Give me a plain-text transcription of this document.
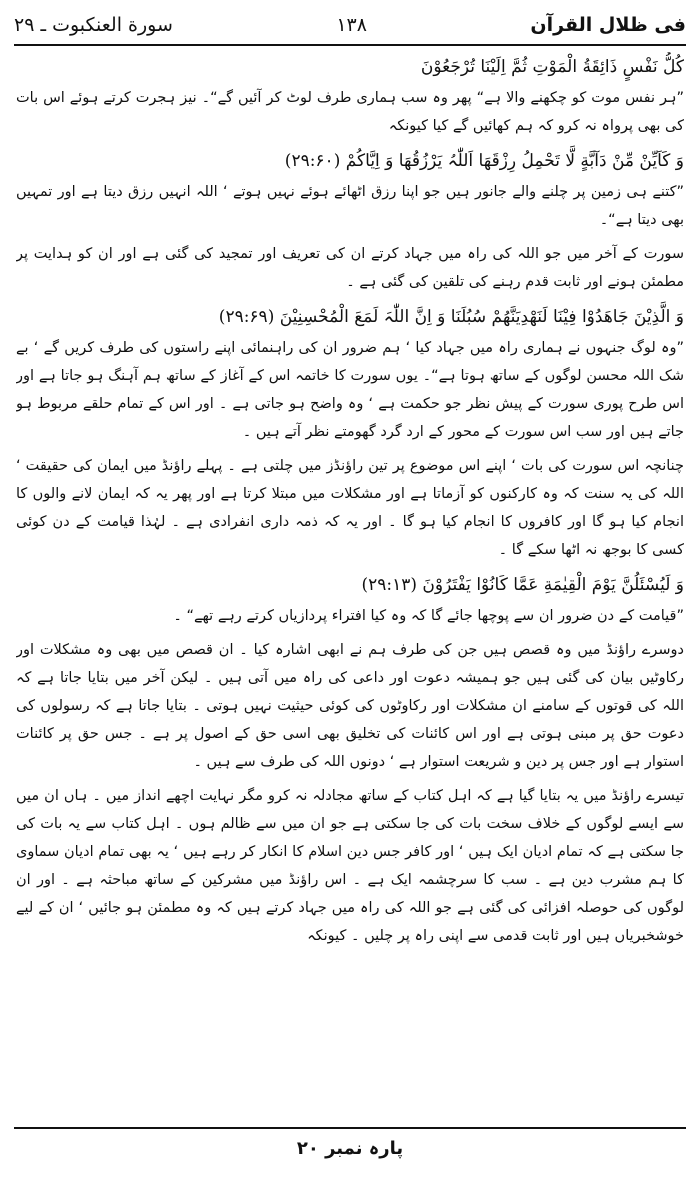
فی ظلال القرآن
۱۳۸
سورة العنکبوت ـ ۲۹

کُلُّ نَفْسٍ ذَائِقَةُ الْمَوْتِ ثُمَّ اِلَیْنَا تُرْجَعُوْنَ

”ہر نفس موت کو چکھنے والا ہے“ پھر وہ سب ہماری طرف لوٹ کر آئیں گے“۔ نیز ہجرت کرتے ہوئے اس بات کی بھی پرواہ نہ کرو کہ ہم کھائیں گے کیا کیونکہ

وَ کَاَیِّنْ مِّنْ دَآبَّةٍ لَّا تَحْمِلُ رِزْقَھَا اَللّٰہُ یَرْزُقُھَا وَ اِیَّاکُمْ (۲۹:۶۰)

”کتنے ہی زمین پر چلنے والے جانور ہیں جو اپنا رزق اٹھائے ہوئے نہیں ہوتے ‘ اللہ انہیں رزق دیتا ہے اور تمہیں بھی دیتا ہے“۔

سورت کے آخر میں جو اللہ کی راہ میں جہاد کرتے ان کی تعریف اور تمجید کی گئی ہے اور ان کو ہدایت پر مطمئن ہونے اور ثابت قدم رہنے کی تلقین کی گئی ہے ۔

وَ الَّذِیْنَ جَاھَدُوْا فِیْنَا لَنَھْدِیَنَّھُمْ سُبُلَنَا وَ اِنَّ اللّٰہَ لَمَعَ الْمُحْسِنِیْنَ (۲۹:۶۹)

”وہ لوگ جنہوں نے ہماری راہ میں جہاد کیا ‘ ہم ضرور ان کی راہنمائی اپنے راستوں کی طرف کریں گے ‘ بے شک اللہ محسن لوگوں کے ساتھ ہوتا ہے“۔ یوں سورت کا خاتمہ اس کے آغاز کے ساتھ ہم آہنگ ہو جاتا ہے اور اس طرح پوری سورت کے پیش نظر جو حکمت ہے ‘ وہ واضح ہو جاتی ہے ۔ اور اس کے تمام حلقے مربوط ہو جاتے ہیں اور سب اس سورت کے محور کے ارد گرد گھومتے نظر آتے ہیں ۔

چنانچہ اس سورت کی بات ‘ اپنے اس موضوع پر تین راؤنڈز میں چلتی ہے ۔ پہلے راؤنڈ میں ایمان کی حقیقت ‘ اللہ کی یہ سنت کہ وہ کارکنوں کو آزماتا ہے اور مشکلات میں مبتلا کرتا ہے اور پھر یہ کہ ایمان لانے والوں کا انجام کیا ہو گا اور کافروں کا انجام کیا ہو گا ۔ اور یہ کہ ذمہ داری انفرادی ہے ۔ لہٰذا قیامت کے دن کوئی کسی کا بوجھ نہ اٹھا سکے گا ۔

وَ لَیُسْئَلُنَّ یَوْمَ الْقِیٰمَةِ عَمَّا کَانُوْا یَفْتَرُوْنَ (۲۹:۱۳)

”قیامت کے دن ضرور ان سے پوچھا جائے گا کہ وہ کیا افتراء پردازیاں کرتے رہے تھے“ ۔

دوسرے راؤنڈ میں وہ قصص ہیں جن کی طرف ہم نے ابھی اشارہ کیا ۔ ان قصص میں بھی وہ مشکلات اور رکاوٹیں بیان کی گئی ہیں جو ہمیشہ دعوت اور داعی کی راہ میں آتی ہیں ۔ لیکن آخر میں بتایا جاتا ہے کہ اللہ کی قوتوں کے سامنے ان مشکلات اور رکاوٹوں کی کوئی حیثیت نہیں ہوتی ۔ بتایا جاتا ہے کہ رسولوں کی دعوت حق پر مبنی ہوتی ہے اور اس کائنات کی تخلیق بھی اسی حق کے اصول پر ہے ۔ جس حق پر کائنات استوار ہے اور جس پر دین و شریعت استوار ہے ‘ دونوں اللہ کی طرف سے ہیں ۔

تیسرے راؤنڈ میں یہ بتایا گیا ہے کہ اہل کتاب کے ساتھ مجادلہ نہ کرو مگر نہایت اچھے انداز میں ۔ ہاں ان میں سے ایسے لوگوں کے خلاف سخت بات کی جا سکتی ہے جو ان میں سے ظالم ہوں ۔ اہل کتاب سے یہ بات کی جا سکتی ہے کہ تمام ادیان ایک ہیں ‘ اور کافر جس دین اسلام کا انکار کر رہے ہیں ‘ یہ بھی تمام ادیان سماوی کا ہم مشرب دین ہے ۔ سب کا سرچشمہ ایک ہے ۔ اس راؤنڈ میں مشرکین کے ساتھ مباحثہ ہے ۔ اور ان لوگوں کی حوصلہ افزائی کی گئی ہے جو اللہ کی راہ میں جہاد کرتے ہیں کہ وہ مطمئن ہو جائیں ‘ ان کے لیے خوشخبریاں ہیں اور ثابت قدمی سے اپنی راہ پر چلیں ۔ کیونکہ

پارہ نمبر ۲۰
